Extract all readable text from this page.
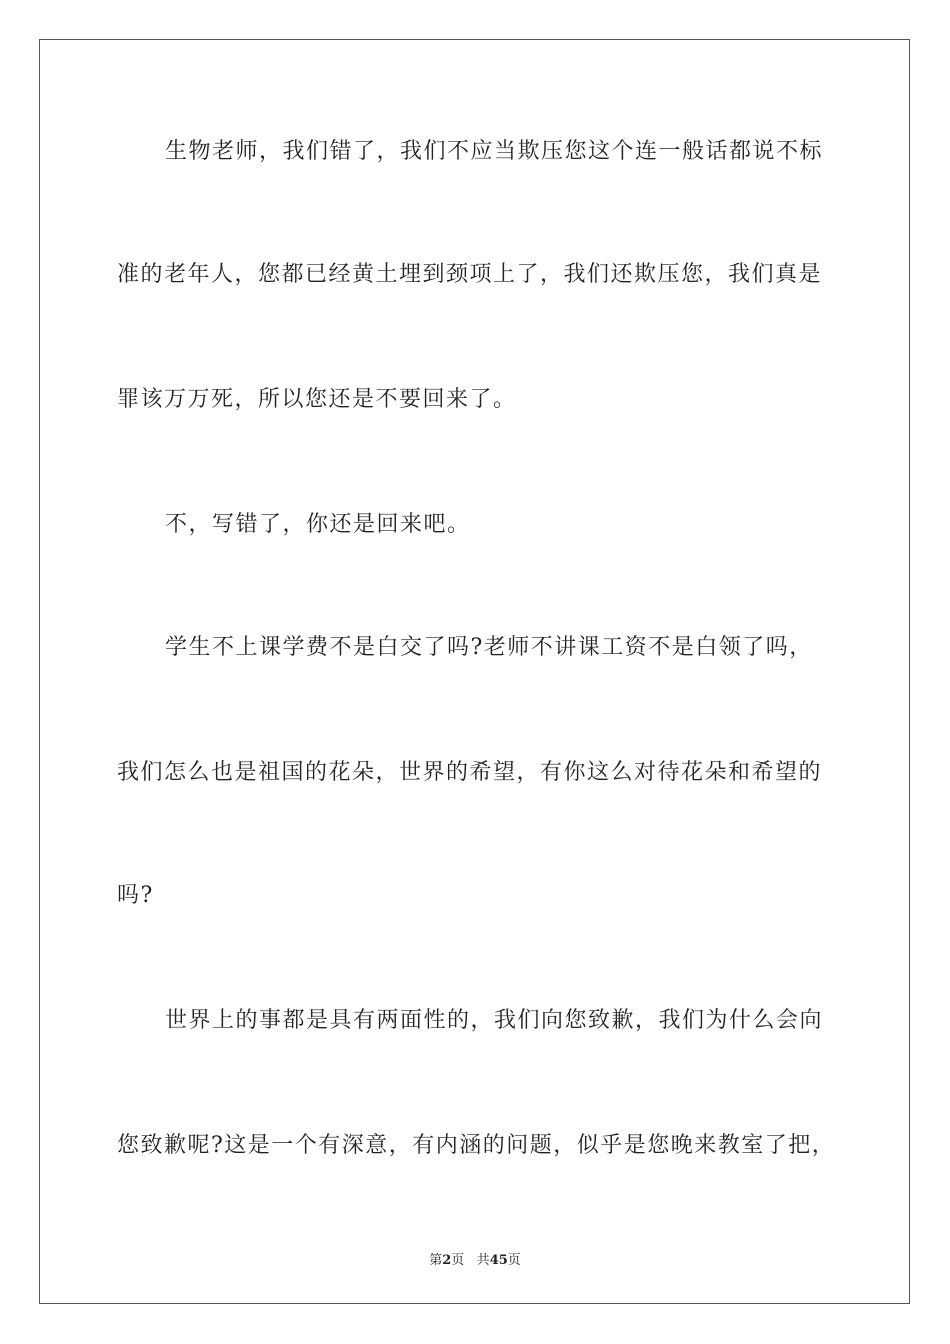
生物老师，我们错了，我们不应当欺压您这个连一般话都说不标
准的老年人，您都已经黄土埋到颈项上了，我们还欺压您，我们真是
罪该万万死，所以您还是不要回来了。
不，写错了，你还是回来吧。
学生不上课学费不是白交了吗?老师不讲课工资不是白领了吗，
我们怎么也是祖国的花朵，世界的希望，有你这么对待花朵和希望的
吗?
世界上的事都是具有两面性的，我们向您致歉，我们为什么会向
您致歉呢?这是一个有深意，有内涵的问题，似乎是您晚来教室了把，
第2页 共45页
